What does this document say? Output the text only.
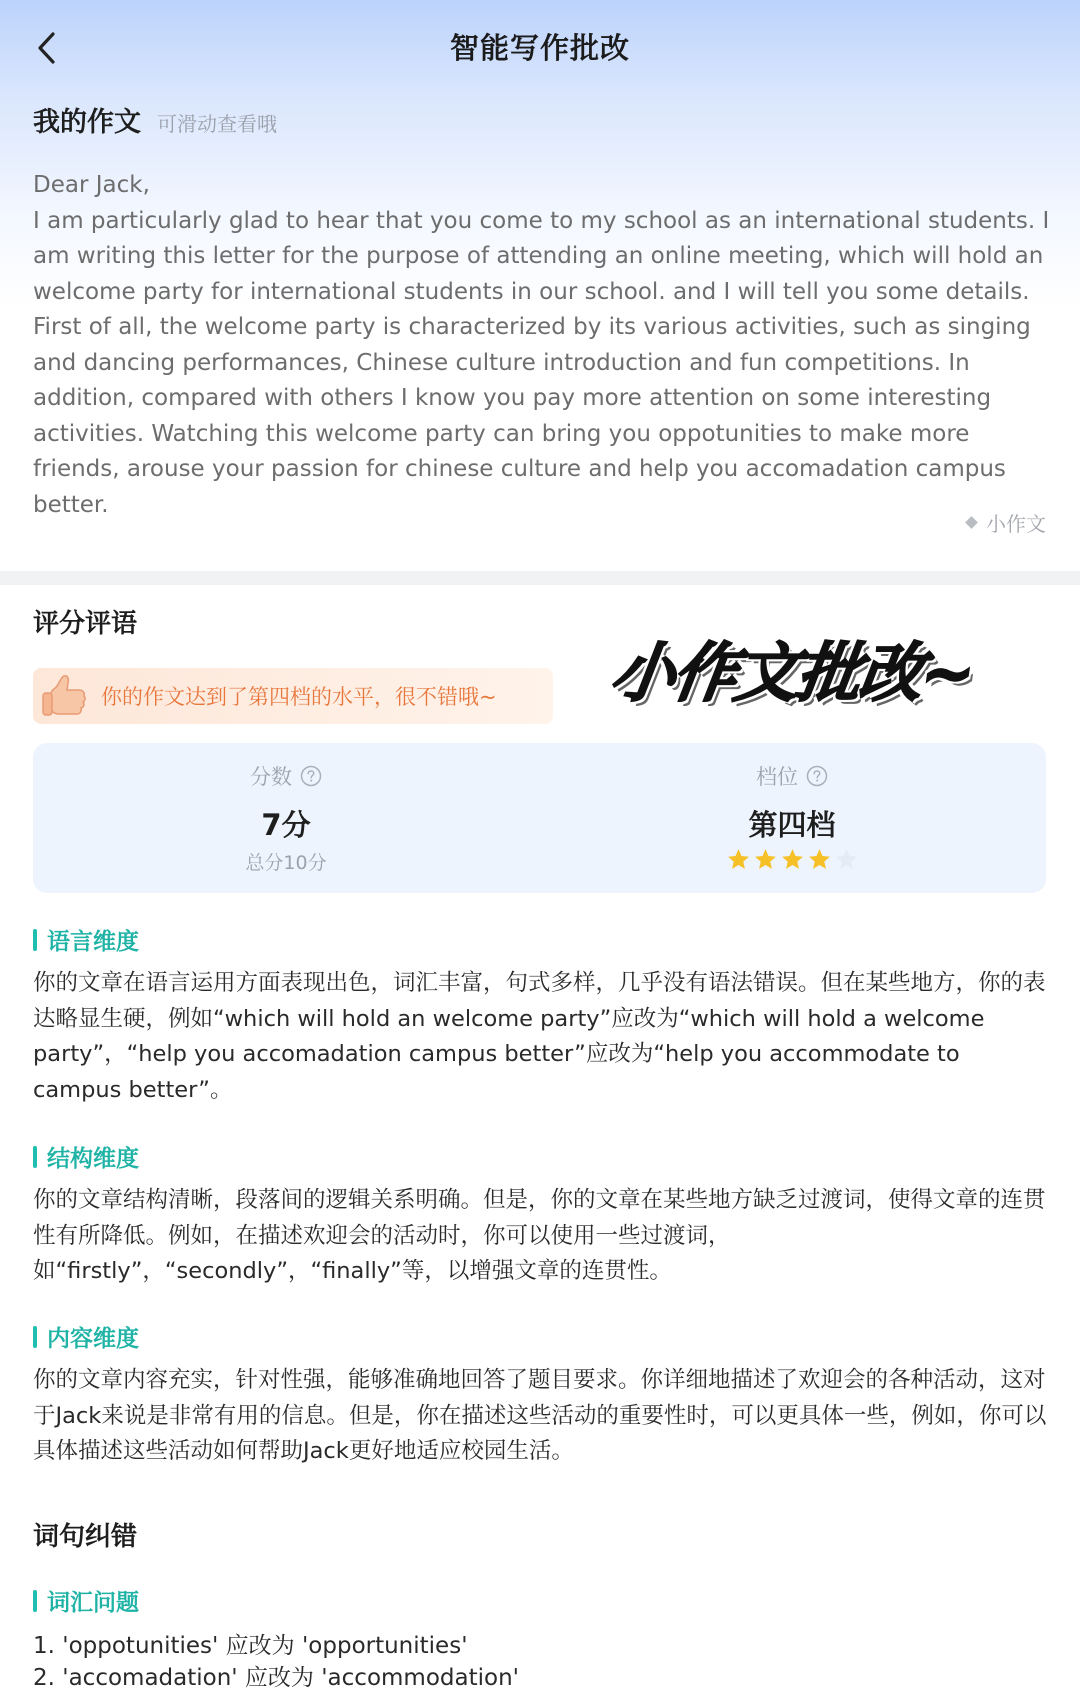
智能写作批改
我的作文 可滑动查看哦

Dear Jack,

I am particularly glad to hear that you come to my school as an international students. I am writing this letter for the purpose of attending an online meeting, which will hold an welcome party for international students in our school. and I will tell you some details.

First of all, the welcome party is characterized by its various activities, such as singing and dancing performances, Chinese culture introduction and fun competitions. In addition, compared with others I know you pay more attention on some interesting activities. Watching this welcome party can bring you oppotunities to make more friends, arouse your passion for chinese culture and help you accomadation campus better.

小作文
评分评语
你的作文达到了第四档的水平，很不错哦~ 小作文批改~
分数
7分
总分10分
档位
第四档
语言维度
你的文章在语言运用方面表现出色，词汇丰富，句式多样，几乎没有语法错误。但在某些地方，你的表达略显生硬，例如“which will hold an welcome party”应改为“which will hold a welcome party”，“help you accomadation campus better”应改为“help you accommodate to campus better”。
结构维度
你的文章结构清晰，段落间的逻辑关系明确。但是，你的文章在某些地方缺乏过渡词，使得文章的连贯性有所降低。例如，在描述欢迎会的活动时，你可以使用一些过渡词，如“firstly”，“secondly”，“finally”等，以增强文章的连贯性。
内容维度
你的文章内容充实，针对性强，能够准确地回答了题目要求。你详细地描述了欢迎会的各种活动，这对于Jack来说是非常有用的信息。但是，你在描述这些活动的重要性时，可以更具体一些，例如，你可以具体描述这些活动如何帮助Jack更好地适应校园生活。
词句纠错
词汇问题
1. 'oppotunities' 应改为 'opportunities'
2. 'accomadation' 应改为 'accommodation'
